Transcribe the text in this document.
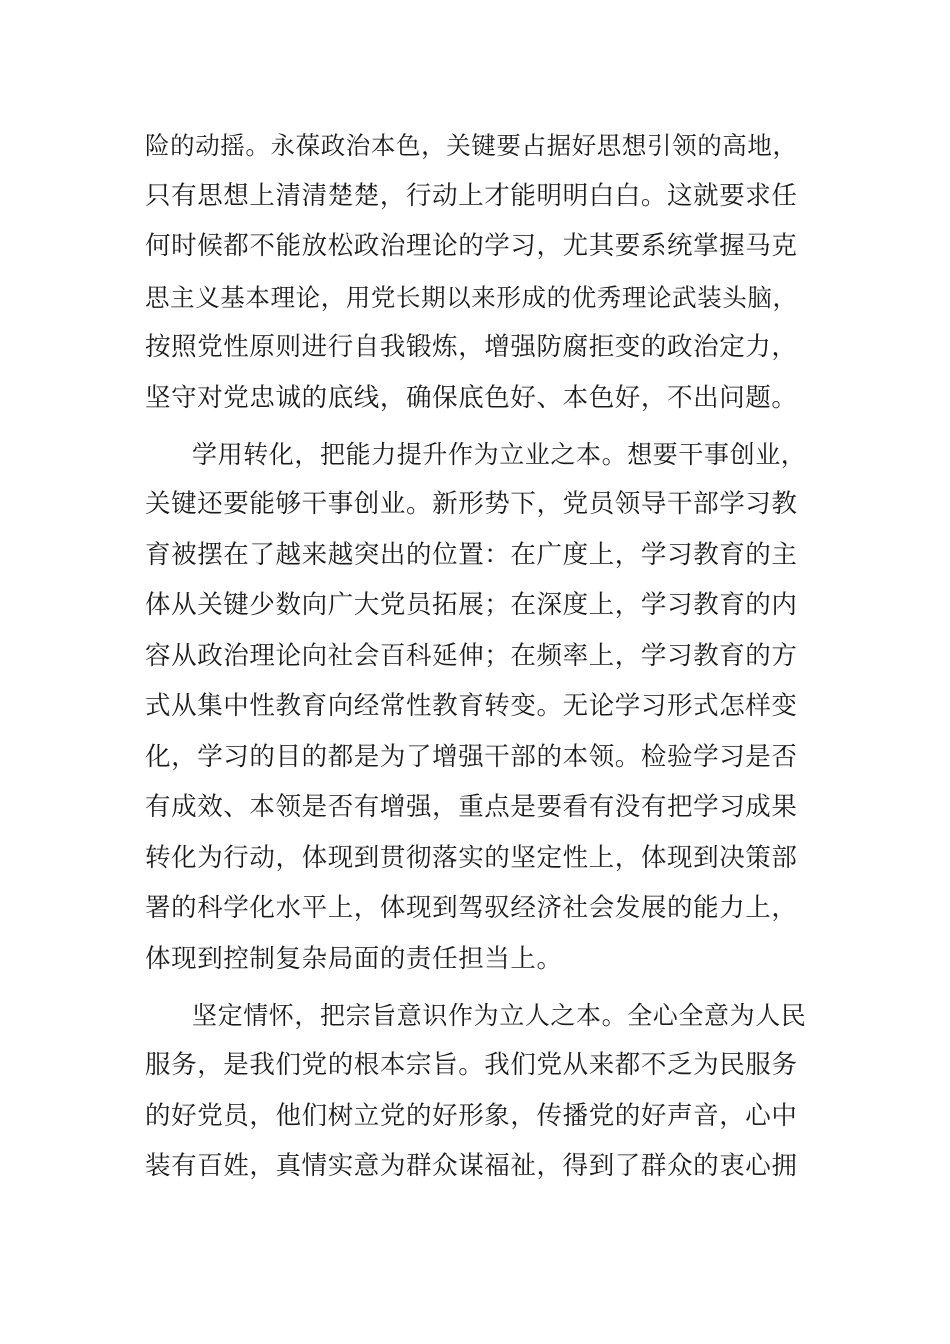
险的动摇。永葆政治本色，关键要占据好思想引领的高地，
只有思想上清清楚楚，行动上才能明明白白。这就要求任
何时候都不能放松政治理论的学习，尤其要系统掌握马克
思主义基本理论，用党长期以来形成的优秀理论武装头脑，
按照党性原则进行自我锻炼，增强防腐拒变的政治定力，
坚守对党忠诚的底线，确保底色好、本色好，不出问题。
学用转化，把能力提升作为立业之本。想要干事创业，
关键还要能够干事创业。新形势下，党员领导干部学习教
育被摆在了越来越突出的位置：在广度上，学习教育的主
体从关键少数向广大党员拓展；在深度上，学习教育的内
容从政治理论向社会百科延伸；在频率上，学习教育的方
式从集中性教育向经常性教育转变。无论学习形式怎样变
化，学习的目的都是为了增强干部的本领。检验学习是否
有成效、本领是否有增强，重点是要看有没有把学习成果
转化为行动，体现到贯彻落实的坚定性上，体现到决策部
署的科学化水平上，体现到驾驭经济社会发展的能力上，
体现到控制复杂局面的责任担当上。
坚定情怀，把宗旨意识作为立人之本。全心全意为人民
服务，是我们党的根本宗旨。我们党从来都不乏为民服务
的好党员，他们树立党的好形象，传播党的好声音，心中
装有百姓，真情实意为群众谋福祉，得到了群众的衷心拥
